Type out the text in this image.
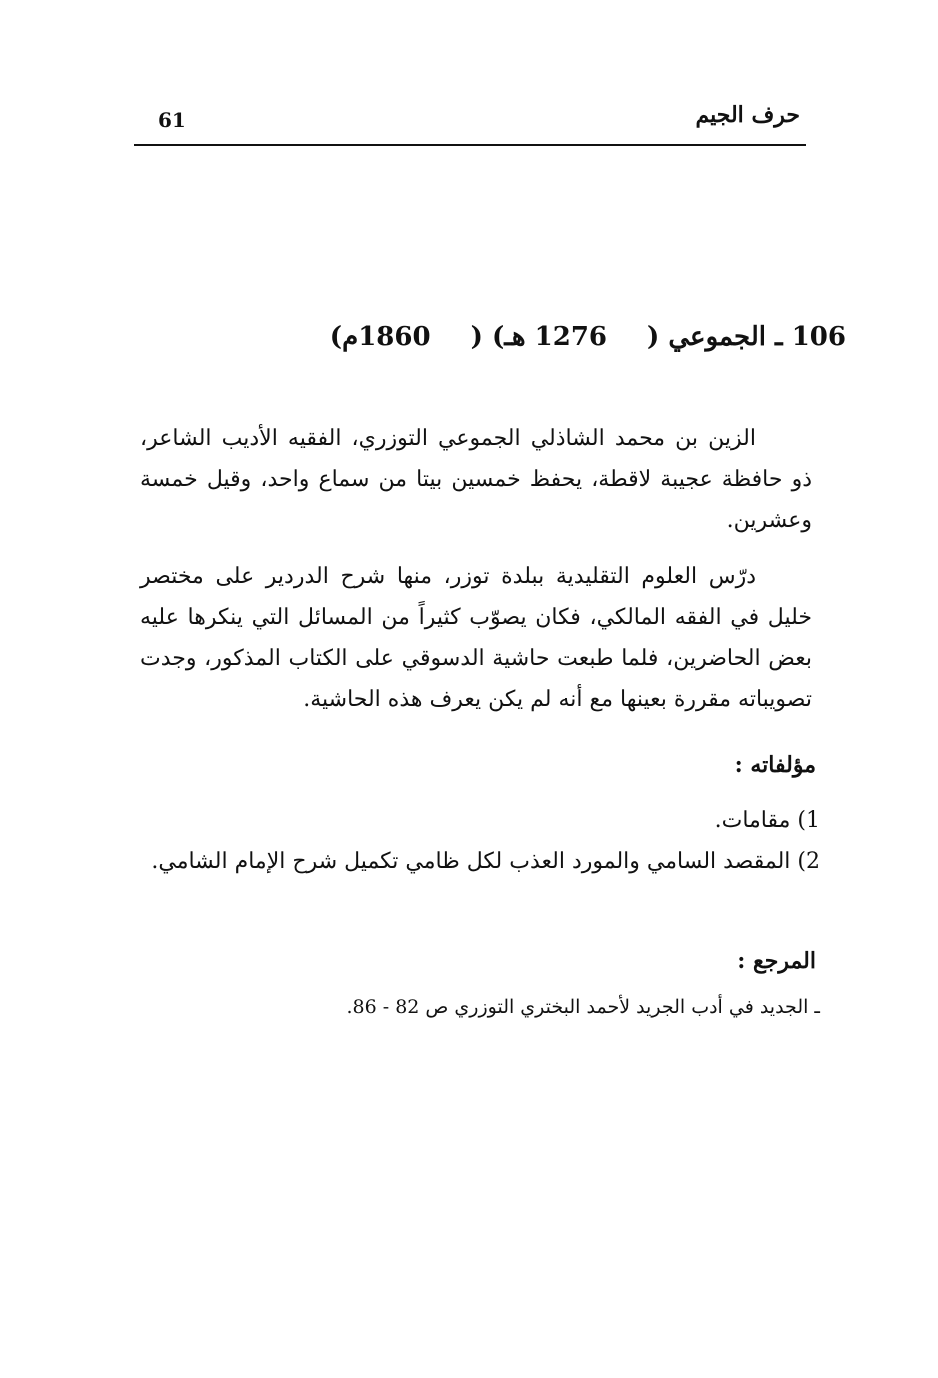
61	حرف الجيم
106 ـ الجموعي (1276 هـ) (1860م)

الزين بن محمد الشاذلي الجموعي التوزري، الفقيه الأديب الشاعر، ذو حافظة عجيبة لاقطة، يحفظ خمسين بيتا من سماع واحد، وقيل خمسة وعشرين.

درّس العلوم التقليدية ببلدة توزر، منها شرح الدردير على مختصر خليل في الفقه المالكي، فكان يصوّب كثيراً من المسائل التي ينكرها عليه بعض الحاضرين، فلما طبعت حاشية الدسوقي على الكتاب المذكور، وجدت تصويباته مقررة بعينها مع أنه لم يكن يعرف هذه الحاشية.

مؤلفاته :
1) مقامات.
2) المقصد السامي والمورد العذب لكل ظامي تكميل شرح الإمام الشامي.
المرجع :
ـ الجديد في أدب الجريد لأحمد البختري التوزري ص 82 - 86.
